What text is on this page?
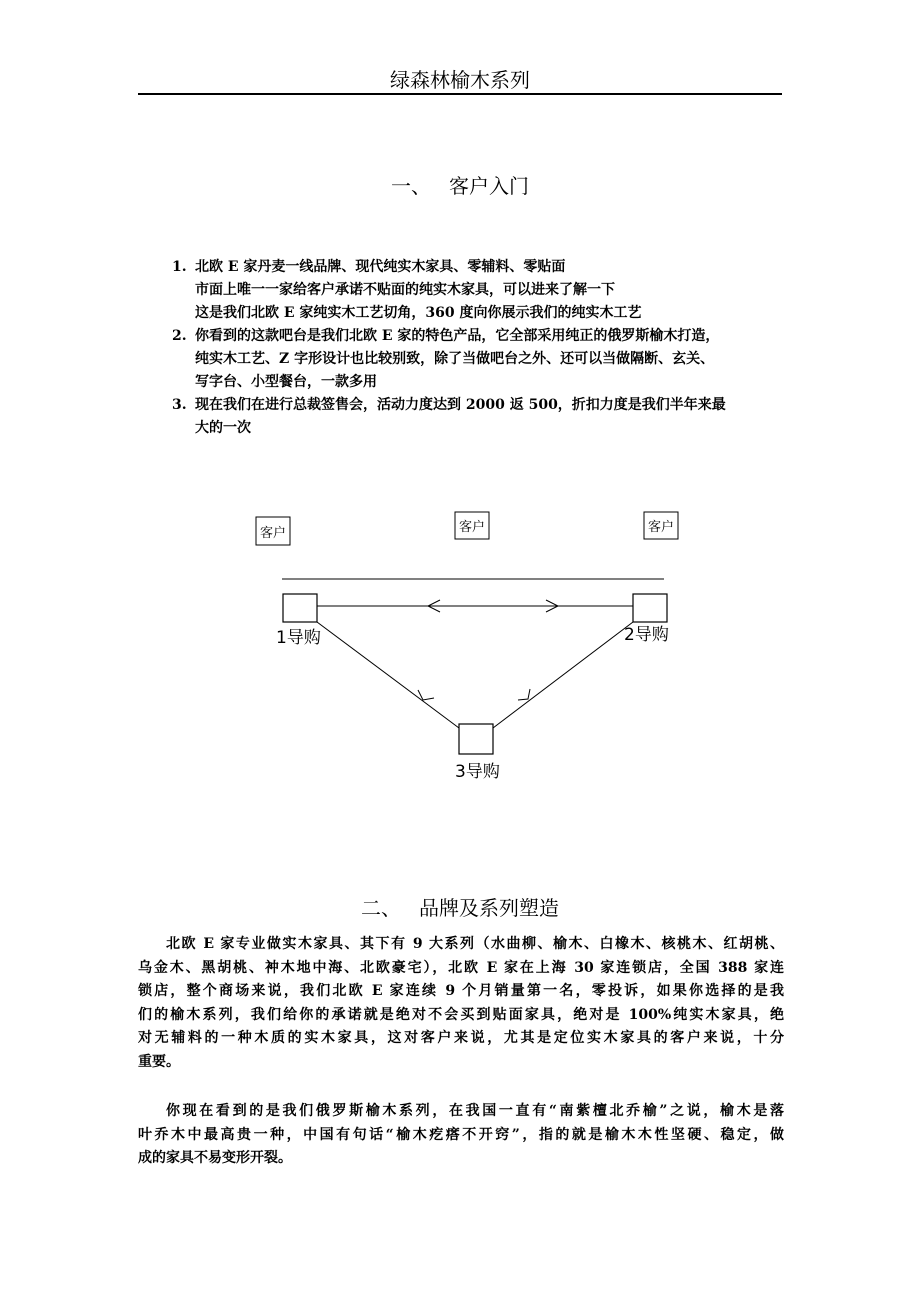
绿森林榆木系列
一、 客户入门
1. 北欧 E 家丹麦一线品牌、现代纯实木家具、零辅料、零贴面
市面上唯一一家给客户承诺不贴面的纯实木家具，可以进来了解一下
这是我们北欧 E 家纯实木工艺切角，360 度向你展示我们的纯实木工艺
2. 你看到的这款吧台是我们北欧 E 家的特色产品，它全部采用纯正的俄罗斯榆木打造，
纯实木工艺、Z 字形设计也比较别致，除了当做吧台之外、还可以当做隔断、玄关、
写字台、小型餐台，一款多用
3. 现在我们在进行总裁签售会，活动力度达到 2000 返 500，折扣力度是我们半年来最
大的一次
客户	客户	客户
1导购	2导购
3导购
二、 品牌及系列塑造
北欧 E 家专业做实木家具、其下有 9 大系列（水曲柳、榆木、白橡木、核桃木、红胡桃、
乌金木、黑胡桃、衶木地中海、北欧豪宅），北欧 E 家在上海 30 家连锁店，全国 388 家连
锁店，整个商场来说，我们北欧 E 家连续 9 个月销量第一名，零投诉，如果你选择的是我
们的榆木系列，我们给你的承诺就是绝对不会买到贴面家具，绝对是 100%纯实木家具，绝
对无辅料的一种木质的实木家具，这对客户来说，尤其是定位实木家具的客户来说，十分
重要。
你现在看到的是我们俄罗斯榆木系列，在我国一直有“南紫檀北乔榆”之说，榆木是落
叶乔木中最高贵一种，中国有句话“榆木疙瘩不开窍”，指的就是榆木木性坚硬、稳定，做
成的家具不易变形开裂。
